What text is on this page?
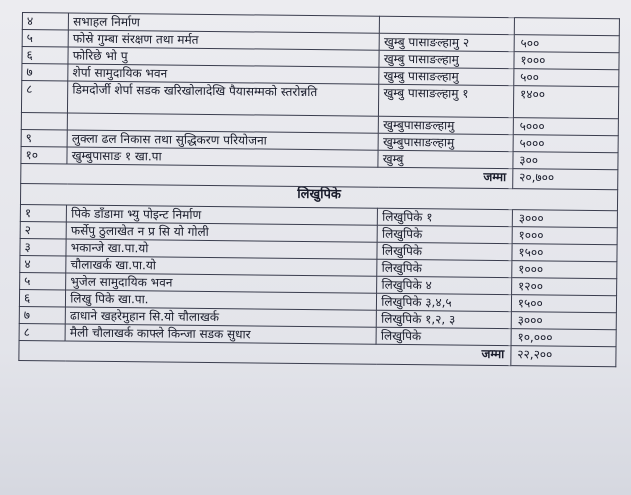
४	सभाहल निर्माण		
५	फोस्रे गुम्बा संरक्षण तथा मर्मत	खुम्बु पासाङल्हामु २	५००
६	फोरिछे भो पु	खुम्बु पासाङल्हामु	१०००
७	शेर्पा सामुदायिक भवन	खुम्बु पासाङल्हामु	५००
८	डिमदोर्जी शेर्पा सडक खरिखोलादेखि पैयासम्मको स्तरोन्नति	खुम्बु पासाङल्हामु १	१४००
		खुम्बुपासाङल्हामु	५०००
९	लुक्ला ढल निकास तथा सुद्धिकरण परियोजना	खुम्बुपासाङल्हामु	५०००
१०	खुम्बुपासाङ १ खा.पा	खुम्बु	३००
जम्मा			२०,७००
लिखुपिके			
१	पिके डाँडामा भ्यु पोइन्ट निर्माण	लिखुपिके १	३०००
२	फर्सेपु ठुलाखेत न प्र सि यो गोली	लिखुपिके	१०००
३	भकान्जे खा.पा.यो	लिखुपिके	१५००
४	चौलाखर्क खा.पा.यो	लिखुपिके	१०००
५	भुजेल सामुदायिक भवन	लिखुपिके ४	१२००
६	लिखु पिके खा.पा.	लिखुपिके ३,४,५	१५००
७	ढाधाने खहरेमुहान सि.यो चौलाखर्क	लिखुपिके १,२, ३	३०००
८	मैली चौलाखर्क काफ्ले किन्जा सडक सुधार	लिखुपिके	१०,०००
जम्मा			२२,२००
